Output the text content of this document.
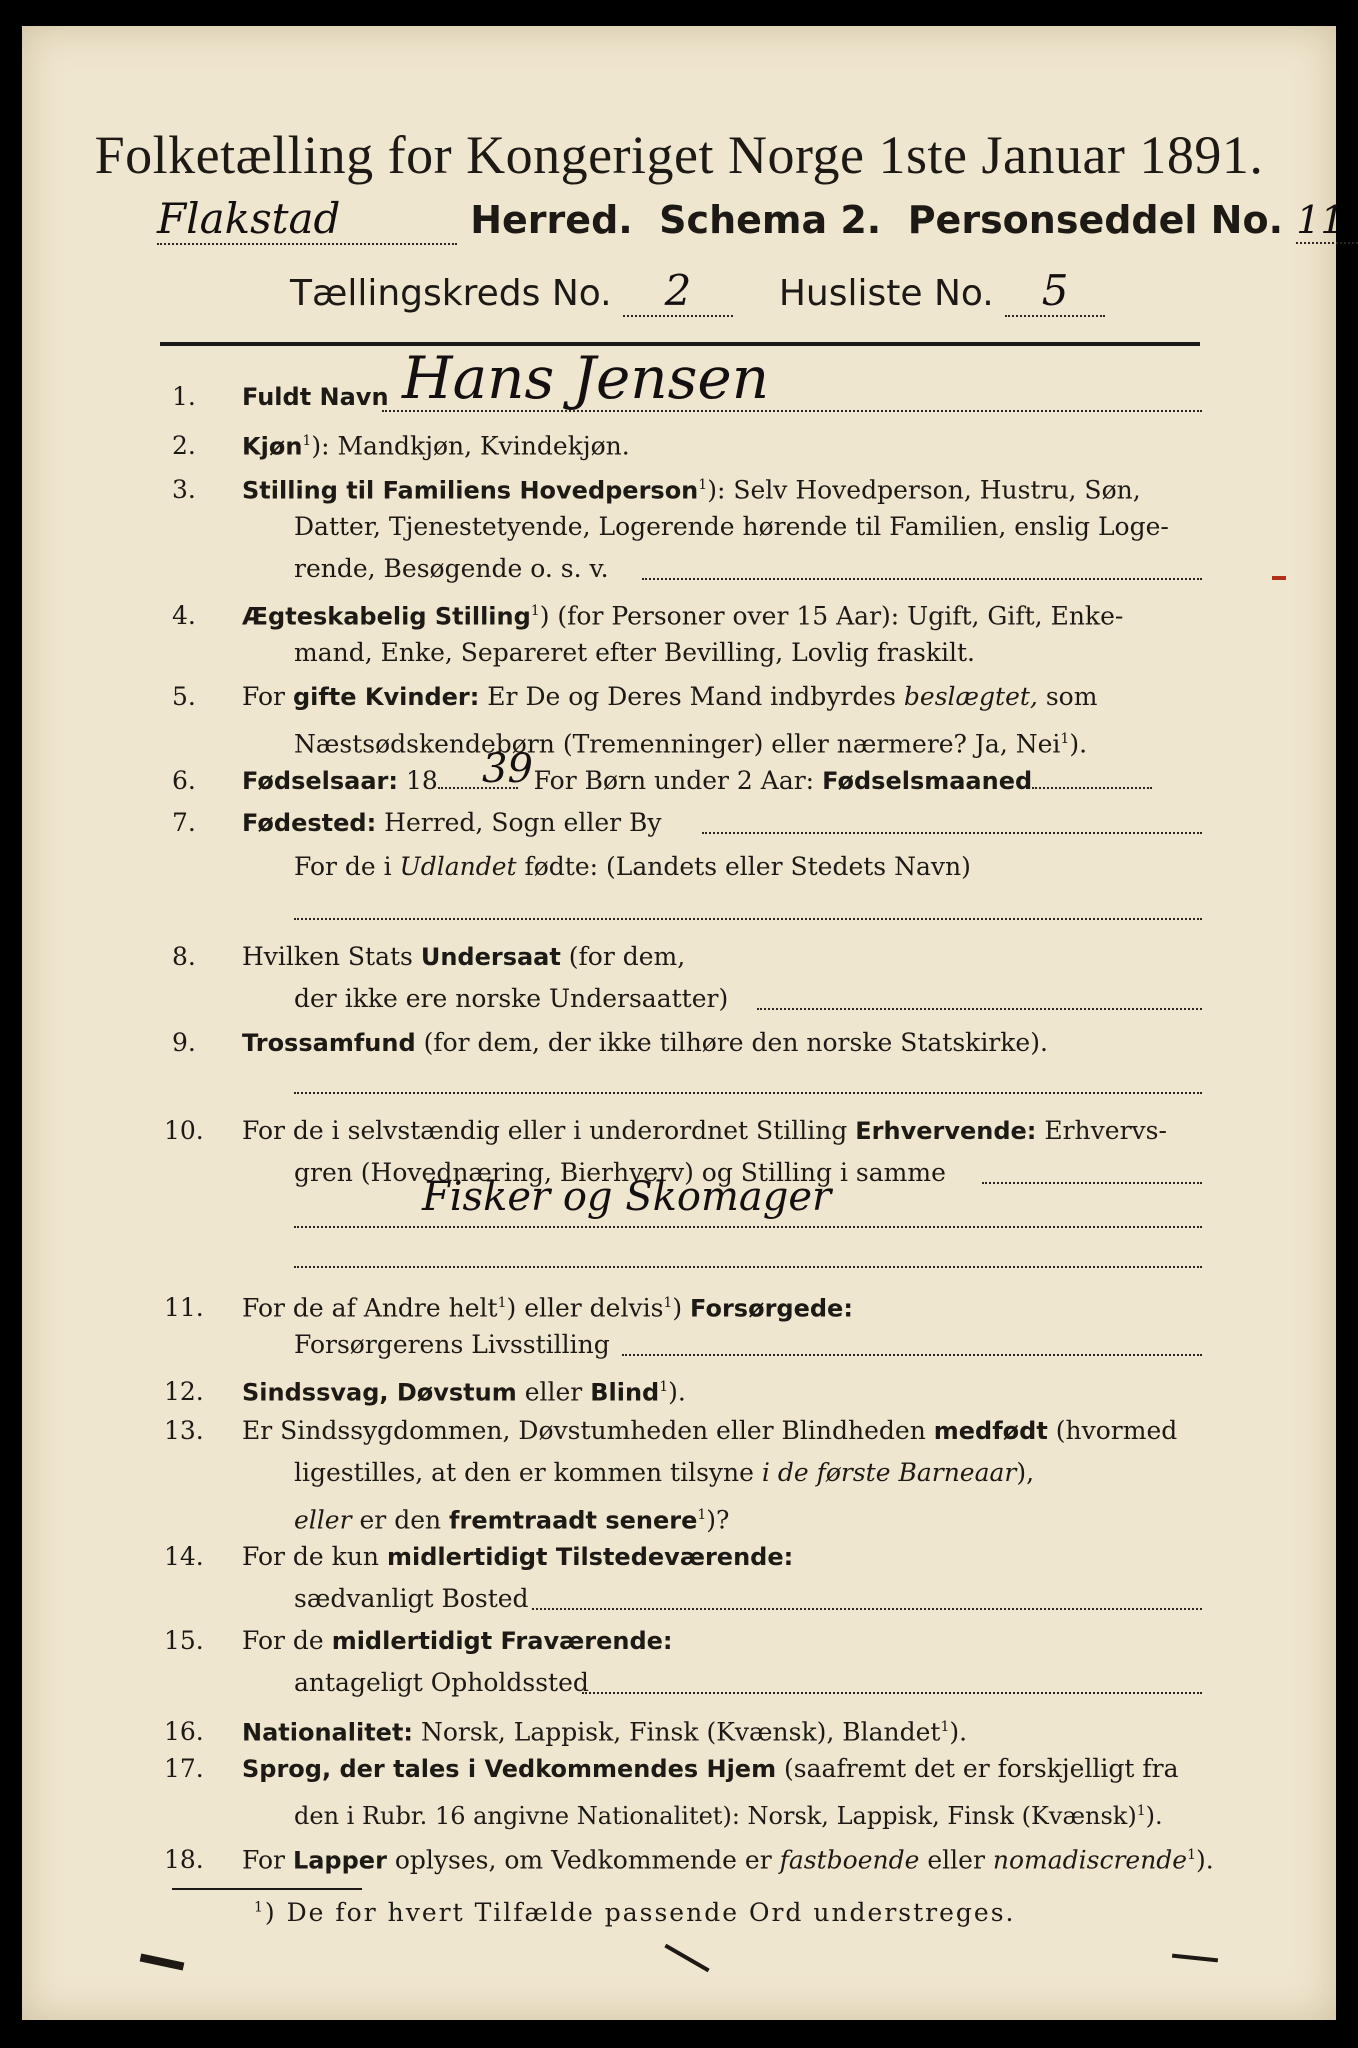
Folketælling for Kongeriget Norge 1ste Januar 1891.
Flakstad	Herred. Schema 2. Personseddel No. 11
Tællingskreds No. 2 Husliste No. 5
1. Fuldt Navn Hans Jensen
2. Kjøn$^1$): Mandkjøn, Kvindekjøn.
3. Stilling til Familiens Hovedperson$^1$): Selv Hovedperson, Hustru, Søn,
Datter, Tjenestetyende, Logerende hørende til Familien, enslig Loge-
rende, Besøgende o. s. v.
4. Ægteskabelig Stilling$^1$) (for Personer over 15 Aar): Ugift, Gift, Enke-
mand, Enke, Separeret efter Bevilling, Lovlig fraskilt.
5. For gifte Kvinder: Er De og Deres Mand indbyrdes beslægtet, som
Næstsødskendebørn (Tremenninger) eller nærmere? Ja, Nei$^1$).
6. Fødselsaar: 18	For Børn under 2 Aar: Fødselsmaaned
39
7. Fødested: Herred, Sogn eller By
For de i Udlandet fødte: (Landets eller Stedets Navn)
8. Hvilken Stats Undersaat (for dem,
der ikke ere norske Undersaatter)
9. Trossamfund (for dem, der ikke tilhøre den norske Statskirke).
10. For de i selvstændig eller i underordnet Stilling Erhvervende: Erhvervs-
gren (Hovednæring, Bierhverv) og Stilling i samme
Fisker og Skomager
11. For de af Andre helt$^1$) eller delvis$^1$) Forsørgede:
Forsørgerens Livsstilling
12. Sindssvag, Døvstum eller Blind$^1$).
13. Er Sindssygdommen, Døvstumheden eller Blindheden medfødt (hvormed
ligestilles, at den er kommen tilsyne i de første Barneaar),
eller er den fremtraadt senere$^1$)?
14. For de kun midlertidigt Tilstedeværende:
sædvanligt Bosted
15. For de midlertidigt Fraværende:
antageligt Opholdssted
16. Nationalitet: Norsk, Lappisk, Finsk (Kvænsk), Blandet$^1$).
17. Sprog, der tales i Vedkommendes Hjem (saafremt det er forskjelligt fra
den i Rubr. 16 angivne Nationalitet): Norsk, Lappisk, Finsk (Kvænsk)$^1$).
18. For Lapper oplyses, om Vedkommende er fastboende eller nomadiscrende$^1$).
$^1$) De for hvert Tilfælde passende Ord understreges.
